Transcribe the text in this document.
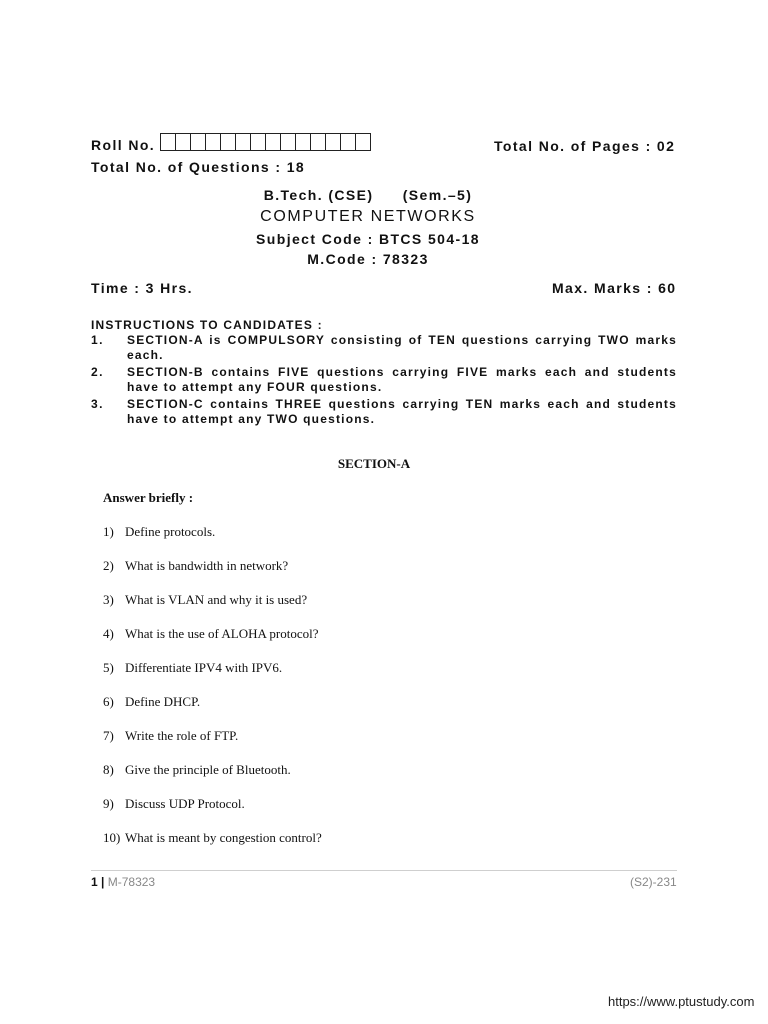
Roll No.	Total No. of Pages : 02
Total No. of Questions : 18
B.Tech. (CSE) (Sem.–5)
COMPUTER NETWORKS
Subject Code : BTCS 504-18
M.Code : 78323
Time : 3 Hrs.	Max. Marks : 60
INSTRUCTIONS TO CANDIDATES :
1.	SECTION-A is COMPULSORY consisting of TEN questions carrying TWO marks each.
2.	SECTION-B contains FIVE questions carrying FIVE marks each and students have to attempt any FOUR questions.
3.	SECTION-C contains THREE questions carrying TEN marks each and students have to attempt any TWO questions.
SECTION-A
Answer briefly :
1) Define protocols.
2) What is bandwidth in network?
3) What is VLAN and why it is used?
4) What is the use of ALOHA protocol?
5) Differentiate IPV4 with IPV6.
6) Define DHCP.
7) Write the role of FTP.
8) Give the principle of Bluetooth.
9) Discuss UDP Protocol.
10) What is meant by congestion control?
1 | M-78323	(S2)-231
https://www.ptustudy.com
